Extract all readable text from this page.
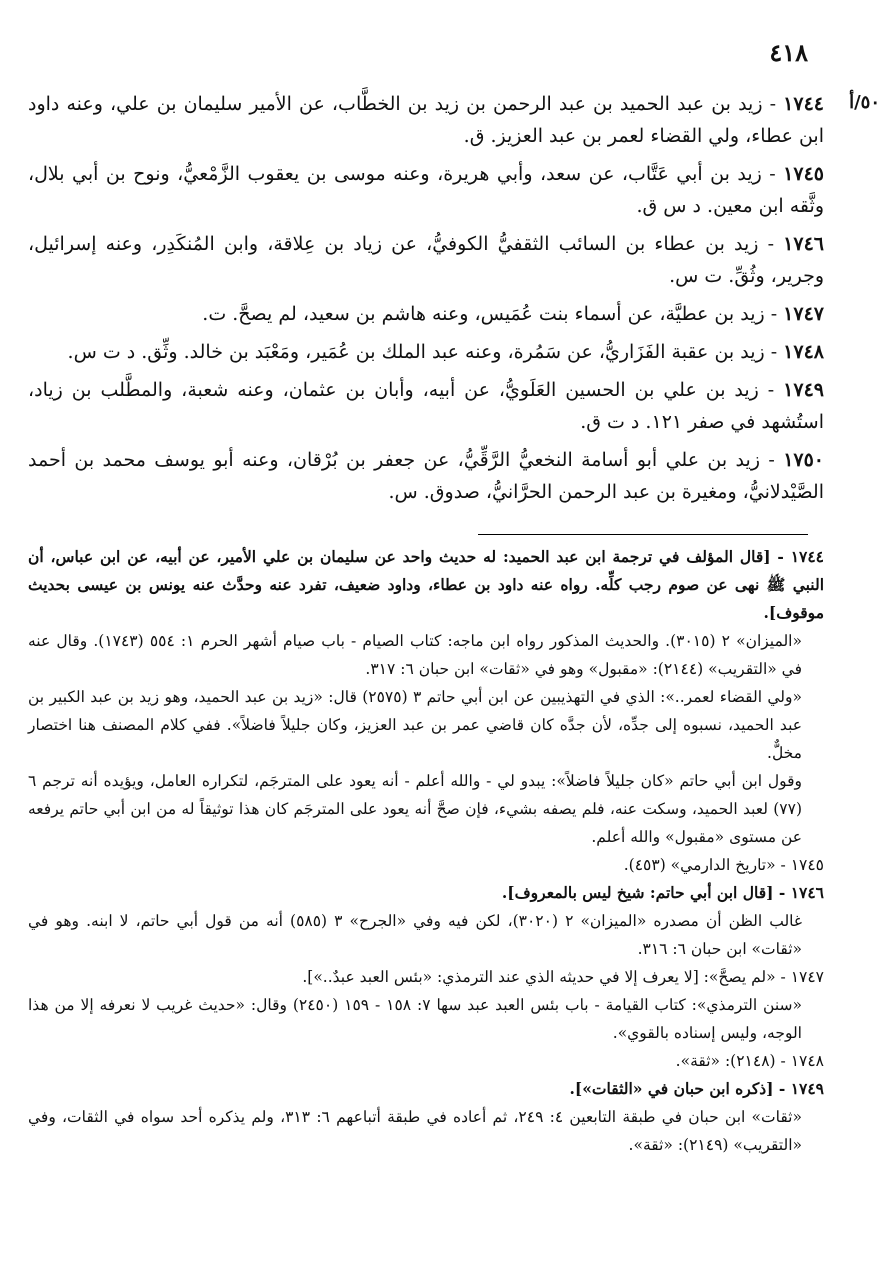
٤١٨
٥٠/أ

١٧٤٤ - زيد بن عبد الحميد بن عبد الرحمن بن زيد بن الخطَّاب، عن الأمير سليمان بن علي، وعنه داود ابن عطاء، ولي القضاء لعمر بن عبد العزيز. ق.

١٧٤٥ - زيد بن أبي عَتَّاب، عن سعد، وأبي هريرة، وعنه موسى بن يعقوب الزَّمْعيُّ، ونوح بن أبي بلال، وثَّقه ابن معين. د س ق.

١٧٤٦ - زيد بن عطاء بن السائب الثقفيُّ الكوفيُّ، عن زياد بن عِلاقة، وابن المُنكَدِر، وعنه إسرائيل، وجرير، وثُقِّ. ت س.

١٧٤٧ - زيد بن عطيَّة، عن أسماء بنت عُمَيس، وعنه هاشم بن سعيد، لم يصحَّ. ت.

١٧٤٨ - زيد بن عقبة الفَزَاريُّ، عن سَمُرة، وعنه عبد الملك بن عُمَير، ومَعْبَد بن خالد. وثِّق. د ت س.

١٧٤٩ - زيد بن علي بن الحسين العَلَويُّ، عن أبيه، وأبان بن عثمان، وعنه شعبة، والمطَّلب بن زياد، استُشهد في صفر ١٢١. د ت ق.

١٧٥٠ - زيد بن علي أبو أسامة النخعيُّ الرَّقِّيُّ، عن جعفر بن بُرْقان، وعنه أبو يوسف محمد بن أحمد الصَّيْدلانيُّ، ومغيرة بن عبد الرحمن الحرَّانيُّ، صدوق. س.

١٧٤٤ - [قال المؤلف في ترجمة ابن عبد الحميد: له حديث واحد عن سليمان بن علي الأمير، عن أبيه، عن ابن عباس، أن النبي ﷺ نهى عن صوم رجب كلِّه. رواه عنه داود بن عطاء، وداود ضعيف، تفرد عنه وحدَّث عنه يونس بن عيسى بحديث موقوف].

«الميزان» ٢ (٣٠١٥). والحديث المذكور رواه ابن ماجه: كتاب الصيام - باب صيام أشهر الحرم ١: ٥٥٤ (١٧٤٣). وقال عنه في «التقريب» (٢١٤٤): «مقبول» وهو في «ثقات» ابن حبان ٦: ٣١٧.

«ولي القضاء لعمر..»: الذي في التهذيبين عن ابن أبي حاتم ٣ (٢٥٧٥) قال: «زيد بن عبد الحميد، وهو زيد بن عبد الكبير بن عبد الحميد، نسبوه إلى جدِّه، لأن جدَّه كان قاضي عمر بن عبد العزيز، وكان جليلاً فاضلاً». ففي كلام المصنف هنا اختصار مخلٌّ.

وقول ابن أبي حاتم «كان جليلاً فاضلاً»: يبدو لي - والله أعلم - أنه يعود على المترجَم، لتكراره العامل، ويؤيده أنه ترجم ٦ (٧٧) لعبد الحميد، وسكت عنه، فلم يصفه بشيء، فإن صحَّ أنه يعود على المترجَم كان هذا توثيقاً له من ابن أبي حاتم يرفعه عن مستوى «مقبول» والله أعلم.

١٧٤٥ - «تاريخ الدارمي» (٤٥٣).

١٧٤٦ - [قال ابن أبي حاتم: شيخ ليس بالمعروف].

غالب الظن أن مصدره «الميزان» ٢ (٣٠٢٠)، لكن فيه وفي «الجرح» ٣ (٥٨٥) أنه من قول أبي حاتم، لا ابنه. وهو في «ثقات» ابن حبان ٦: ٣١٦.

١٧٤٧ - «لم يصحَّ»: [لا يعرف إلا في حديثه الذي عند الترمذي: «بئس العبد عبدٌ..»].

«سنن الترمذي»: كتاب القيامة - باب بئس العبد عبد سها ٧: ١٥٨ - ١٥٩ (٢٤٥٠) وقال: «حديث غريب لا نعرفه إلا من هذا الوجه، وليس إسناده بالقوي».

١٧٤٨ - (٢١٤٨): «ثقة».

١٧٤٩ - [ذكره ابن حبان في «الثقات»].

«ثقات» ابن حبان في طبقة التابعين ٤: ٢٤٩، ثم أعاده في طبقة أتباعهم ٦: ٣١٣، ولم يذكره أحد سواه في الثقات، وفي «التقريب» (٢١٤٩): «ثقة».
